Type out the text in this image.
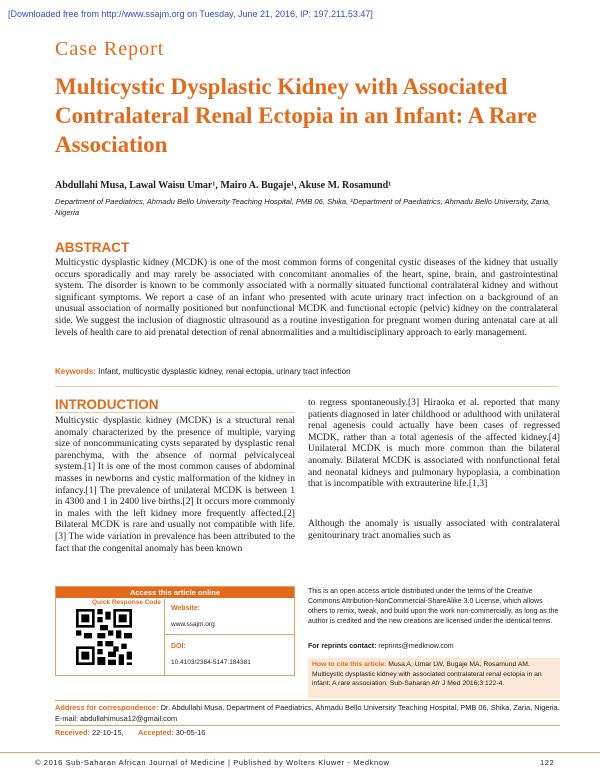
[Downloaded free from http://www.ssajm.org on Tuesday, June 21, 2016, IP: 197.211.53.47]
Case Report
Multicystic Dysplastic Kidney with Associated Contralateral Renal Ectopia in an Infant: A Rare Association
Abdullahi Musa, Lawal Waisu Umar¹, Mairo A. Bugaje¹, Akuse M. Rosamund¹
Department of Paediatrics, Ahmadu Bello University Teaching Hospital, PMB 06, Shika, ¹Department of Paediatrics, Ahmadu Bello University, Zaria, Nigeria
ABSTRACT
Multicystic dysplastic kidney (MCDK) is one of the most common forms of congenital cystic diseases of the kidney that usually occurs sporadically and may rarely be associated with concomitant anomalies of the heart, spine, brain, and gastrointestinal system. The disorder is known to be commonly associated with a normally situated functional contralateral kidney and without significant symptoms. We report a case of an infant who presented with acute urinary tract infection on a background of an unusual association of normally positioned but nonfunctional MCDK and functional ectopic (pelvic) kidney on the contralateral side. We suggest the inclusion of diagnostic ultrasound as a routine investigation for pregnant women during antenatal care at all levels of health care to aid prenatal detection of renal abnormalities and a multidisciplinary approach to early management.
Keywords: Infant, multicystic dysplastic kidney, renal ectopia, urinary tract infection
INTRODUCTION
Multicystic dysplastic kidney (MCDK) is a structural renal anomaly characterized by the presence of multiple, varying size of noncommunicating cysts separated by dysplastic renal parenchyma, with the absence of normal pelvicalyceal system.[1] It is one of the most common causes of abdominal masses in newborns and cystic malformation of the kidney in infancy.[1] The prevalence of unilateral MCDK is between 1 in 4300 and 1 in 2400 live births.[2] It occurs more commonly in males with the left kidney more frequently affected.[2] Bilateral MCDK is rare and usually not compatible with life.[3] The wide variation in prevalence has been attributed to the fact that the congenital anomaly has been known
to regress spontaneously.[3] Hiraoka et al. reported that many patients diagnosed in later childhood or adulthood with unilateral renal agenesis could actually have been cases of regressed MCDK, rather than a total agenesis of the affected kidney.[4] Unilateral MCDK is much more common than the bilateral anomaly. Bilateral MCDK is associated with nonfunctional fetal and neonatal kidneys and pulmonary hypoplasia, a combination that is incompatible with extrauterine life.[1,3]
Although the anomaly is usually associated with contralateral genitourinary tract anomalies such as
Access this article online
Quick Response Code
Website:
www.ssajm.org
DOI:
10.4103/2384-5147.184381
This is an open access article distributed under the terms of the Creative Commons Attribution-NonCommercial-ShareAlike 3.0 License, which allows others to remix, tweak, and build upon the work non-commercially, as long as the author is credited and the new creations are licensed under the identical terms.
For reprints contact: reprints@medknow.com
How to cite this article: Musa A, Umar LW, Bugaje MA, Rosamund AM. Multicystic dysplastic kidney with associated contralateral renal ectopia in an infant: A rare association. Sub-Saharan Afr J Med 2016;3:122-4.
Address for correspondence: Dr. Abdullahi Musa, Department of Paediatrics, Ahmadu Bello University Teaching Hospital, PMB 06, Shika, Zaria, Nigeria. E-mail: abdullahimusa12@gmail.com
Received: 22-10-15, Accepted: 30-05-16
© 2016 Sub-Saharan African Journal of Medicine | Published by Wolters Kluwer - Medknow	122
